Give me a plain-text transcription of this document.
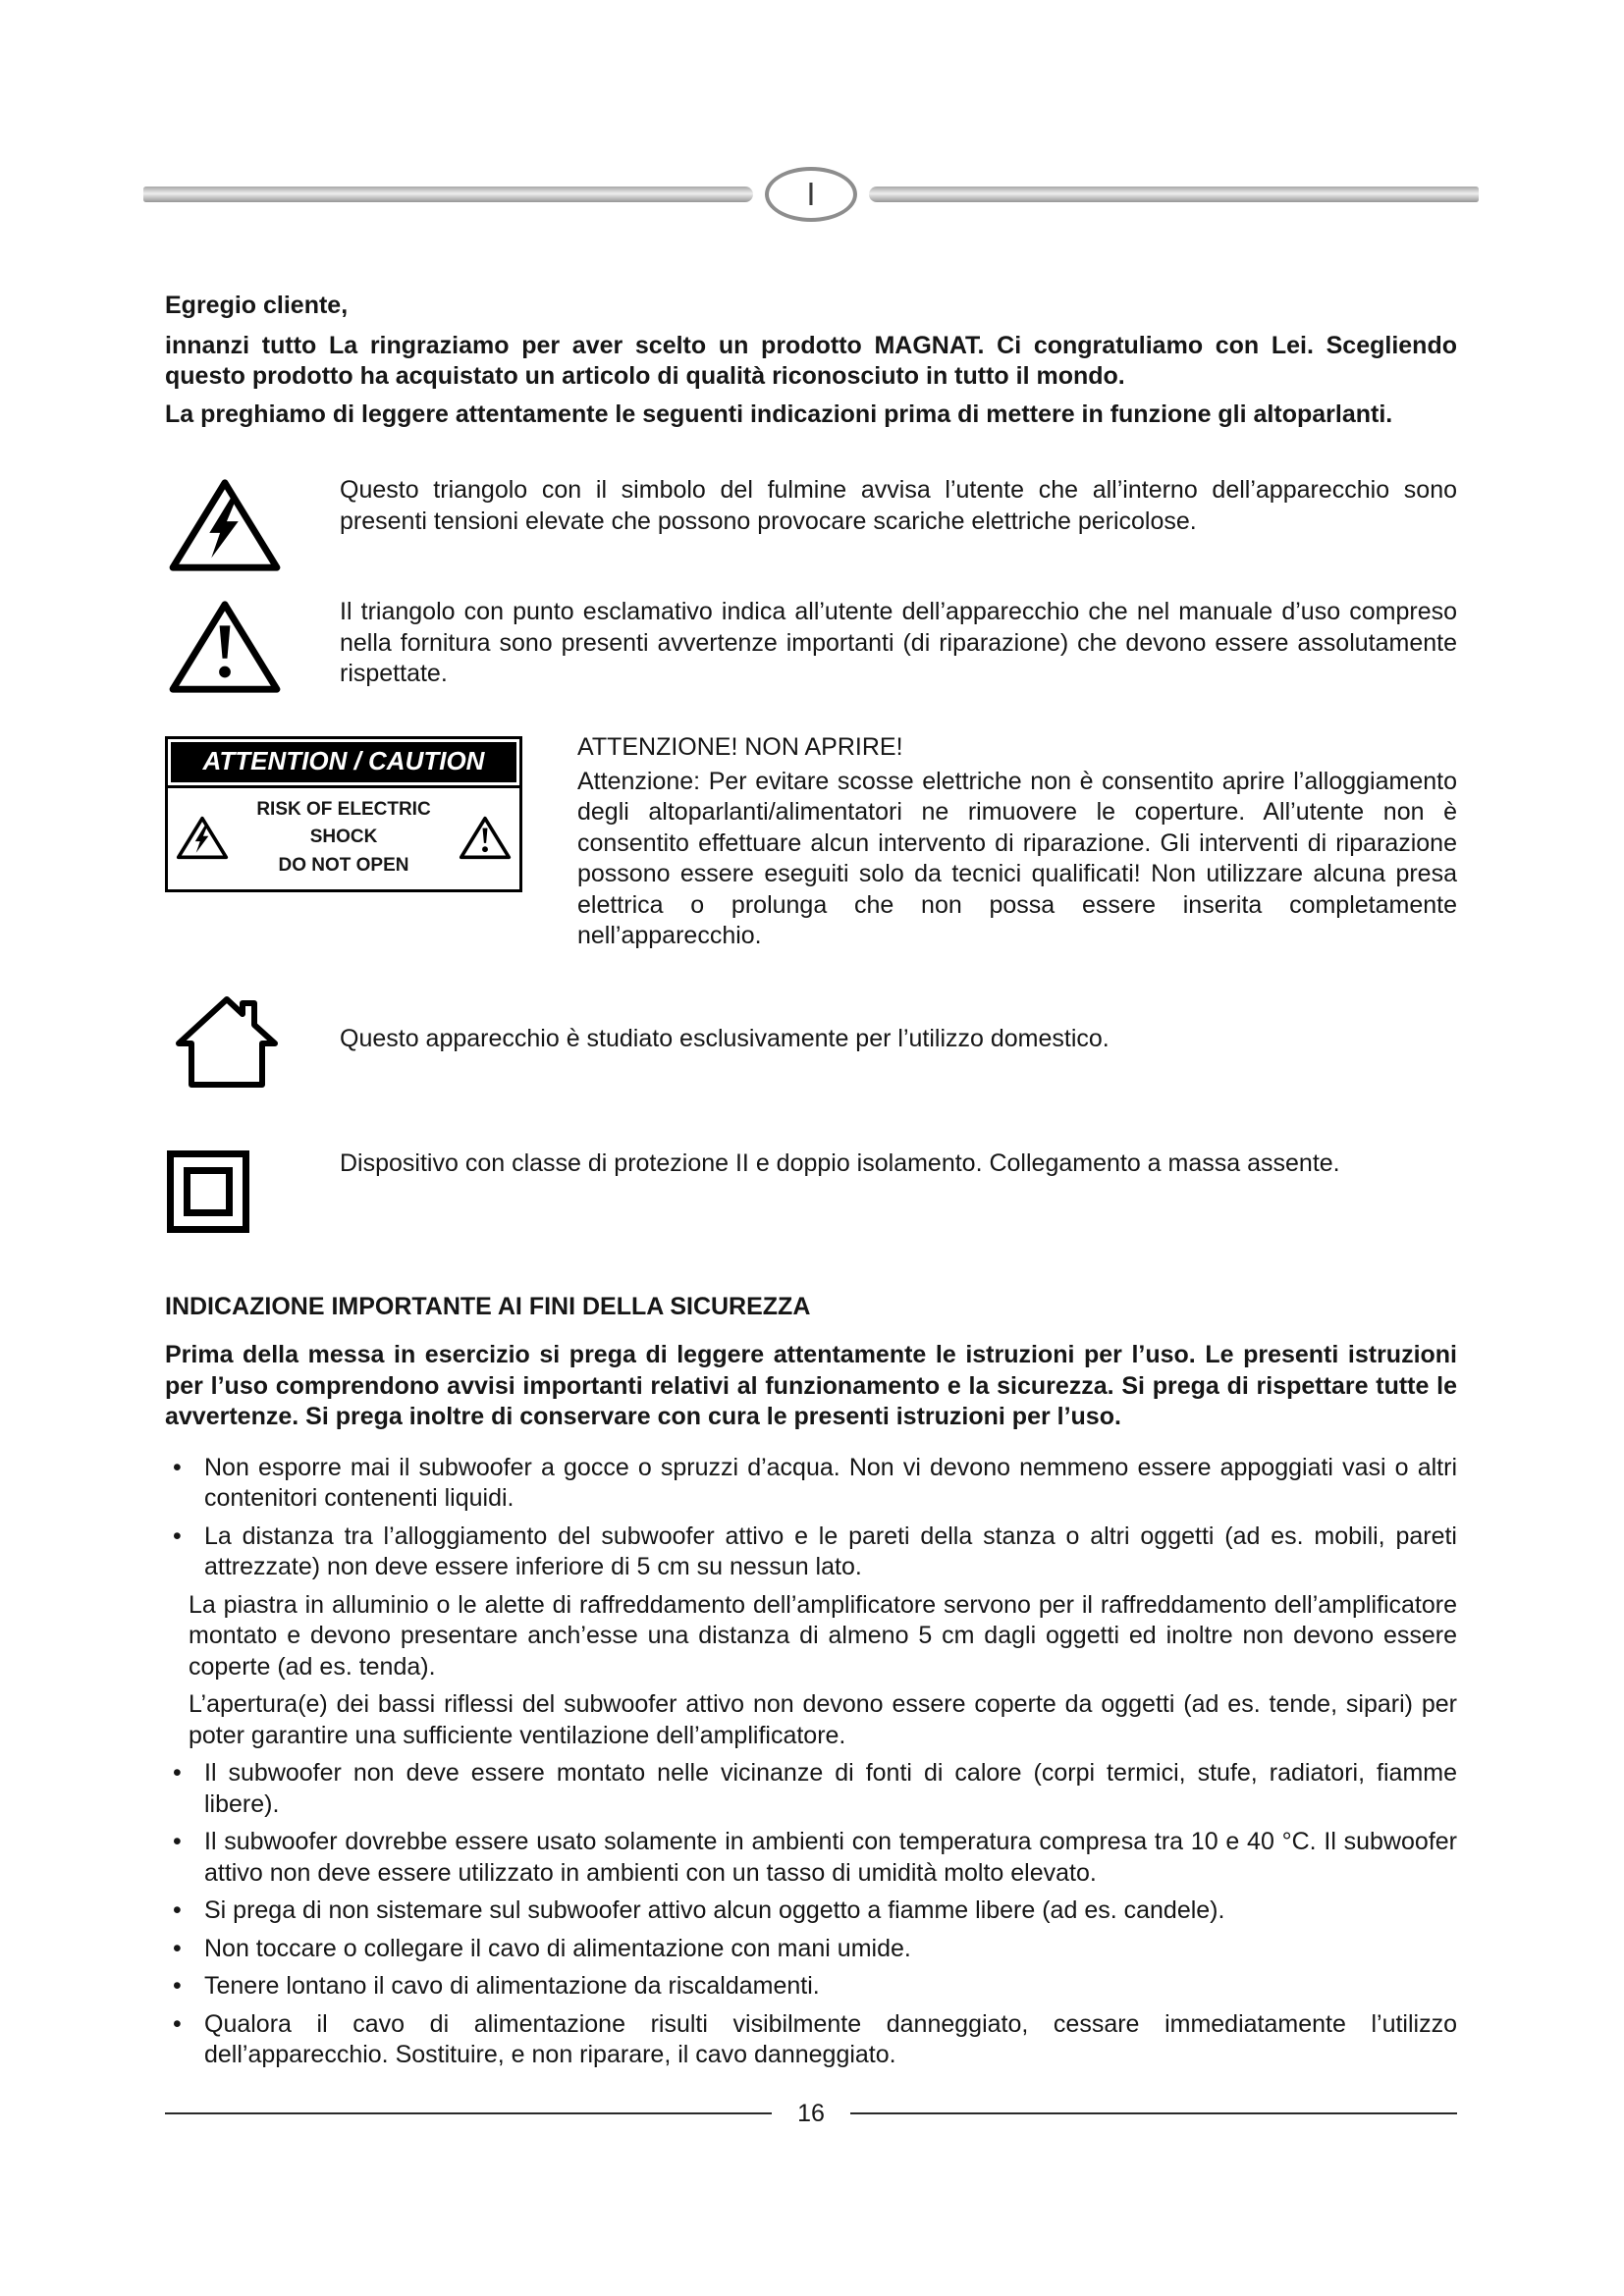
I

Egregio cliente,

innanzi tutto La ringraziamo per aver scelto un prodotto MAGNAT. Ci congratuliamo con Lei. Scegliendo questo prodotto ha acquistato un articolo di qualità riconosciuto in tutto il mondo.

La preghiamo di leggere attentamente le seguenti indicazioni prima di mettere in funzione gli altoparlanti.

Questo triangolo con il simbolo del fulmine avvisa l’utente che all’interno dell’apparecchio sono presenti tensioni elevate che possono provocare scariche elettriche pericolose.

Il triangolo con punto esclamativo indica all’utente dell’apparecchio che nel manuale d’uso compreso nella fornitura sono presenti avvertenze importanti (di riparazione) che devono essere assolutamente rispettate.

ATTENTION / CAUTION
RISK OF ELECTRIC SHOCK
DO NOT OPEN

ATTENZIONE! NON APRIRE!

Attenzione: Per evitare scosse elettriche non è consentito aprire l’alloggiamento degli altoparlanti/alimentatori ne rimuovere le coperture. All’utente non è consentito effettuare alcun intervento di riparazione. Gli interventi di riparazione possono essere eseguiti solo da tecnici qualificati! Non utilizzare alcuna presa elettrica o prolunga che non possa essere inserita completamente nell’apparecchio.

Questo apparecchio è studiato esclusivamente per l’utilizzo domestico.

Dispositivo con classe di protezione II e doppio isolamento. Collegamento a massa assente.

INDICAZIONE IMPORTANTE AI FINI DELLA SICUREZZA

Prima della messa in esercizio si prega di leggere attentamente le istruzioni per l’uso. Le presenti istruzioni per l’uso comprendono avvisi importanti relativi al funzionamento e la sicurezza. Si prega di rispettare tutte le avvertenze. Si prega inoltre di conservare con cura le presenti istruzioni per l’uso.

• Non esporre mai il subwoofer a gocce o spruzzi d’acqua. Non vi devono nemmeno essere appoggiati vasi o altri contenitori contenenti liquidi.
• La distanza tra l’alloggiamento del subwoofer attivo e le pareti della stanza o altri oggetti (ad es. mobili, pareti attrezzate) non deve essere inferiore di 5 cm su nessun lato.
La piastra in alluminio o le alette di raffreddamento dell’amplificatore servono per il raffreddamento dell’amplificatore montato e devono presentare anch’esse una distanza di almeno 5 cm dagli oggetti ed inoltre non devono essere coperte (ad es. tenda).
L’apertura(e) dei bassi riflessi del subwoofer attivo non devono essere coperte da oggetti (ad es. tende, sipari) per poter garantire una sufficiente ventilazione dell’amplificatore.
• Il subwoofer non deve essere montato nelle vicinanze di fonti di calore (corpi termici, stufe, radiatori, fiamme libere).
• Il subwoofer dovrebbe essere usato solamente in ambienti con temperatura compresa tra 10 e 40 °C. Il subwoofer attivo non deve essere utilizzato in ambienti con un tasso di umidità molto elevato.
• Si prega di non sistemare sul subwoofer attivo alcun oggetto a fiamme libere (ad es. candele).
• Non toccare o collegare il cavo di alimentazione con mani umide.
• Tenere lontano il cavo di alimentazione da riscaldamenti.
• Qualora il cavo di alimentazione risulti visibilmente danneggiato, cessare immediatamente l’utilizzo dell’apparecchio. Sostituire, e non riparare, il cavo danneggiato.
16
